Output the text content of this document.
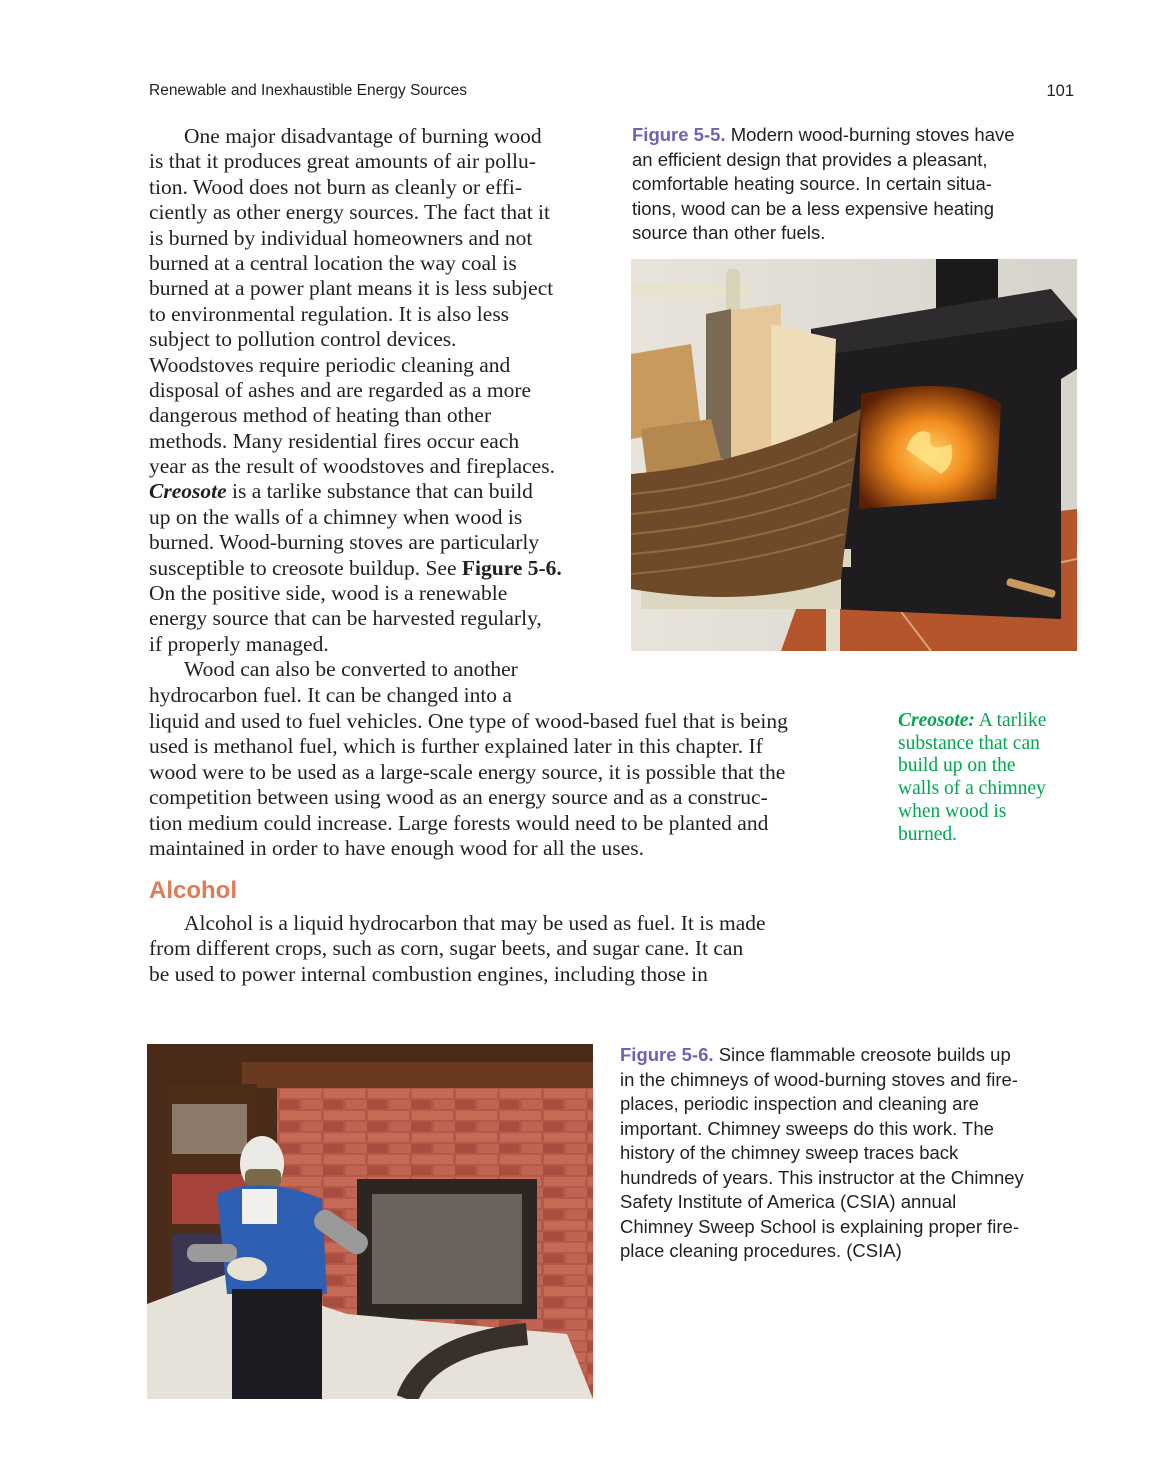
Renewable and Inexhaustible Energy Sources	101
One major disadvantage of burning wood
is that it produces great amounts of air pollu-
tion. Wood does not burn as cleanly or effi-
ciently as other energy sources. The fact that it
is burned by individual homeowners and not
burned at a central location the way coal is
burned at a power plant means it is less subject
to environmental regulation. It is also less
subject to pollution control devices.
Woodstoves require periodic cleaning and
disposal of ashes and are regarded as a more
dangerous method of heating than other
methods. Many residential fires occur each
year as the result of woodstoves and fireplaces.
Creosote is a tarlike substance that can build
up on the walls of a chimney when wood is
burned. Wood-burning stoves are particularly
susceptible to creosote buildup. See Figure 5-6.
On the positive side, wood is a renewable
energy source that can be harvested regularly,
if properly managed.
Wood can also be converted to another
hydrocarbon fuel. It can be changed into a
liquid and used to fuel vehicles. One type of wood-based fuel that is being
used is methanol fuel, which is further explained later in this chapter. If
wood were to be used as a large-scale energy source, it is possible that the
competition between using wood as an energy source and as a construc-
tion medium could increase. Large forests would need to be planted and
maintained in order to have enough wood for all the uses.
Figure 5-5. Modern wood-burning stoves have
an efficient design that provides a pleasant,
comfortable heating source. In certain situa-
tions, wood can be a less expensive heating
source than other fuels.
Creosote: A tarlike
substance that can
build up on the
walls of a chimney
when wood is
burned.
Alcohol
Alcohol is a liquid hydrocarbon that may be used as fuel. It is made
from different crops, such as corn, sugar beets, and sugar cane. It can
be used to power internal combustion engines, including those in
Figure 5-6. Since flammable creosote builds up
in the chimneys of wood-burning stoves and fire-
places, periodic inspection and cleaning are
important. Chimney sweeps do this work. The
history of the chimney sweep traces back
hundreds of years. This instructor at the Chimney
Safety Institute of America (CSIA) annual
Chimney Sweep School is explaining proper fire-
place cleaning procedures. (CSIA)
